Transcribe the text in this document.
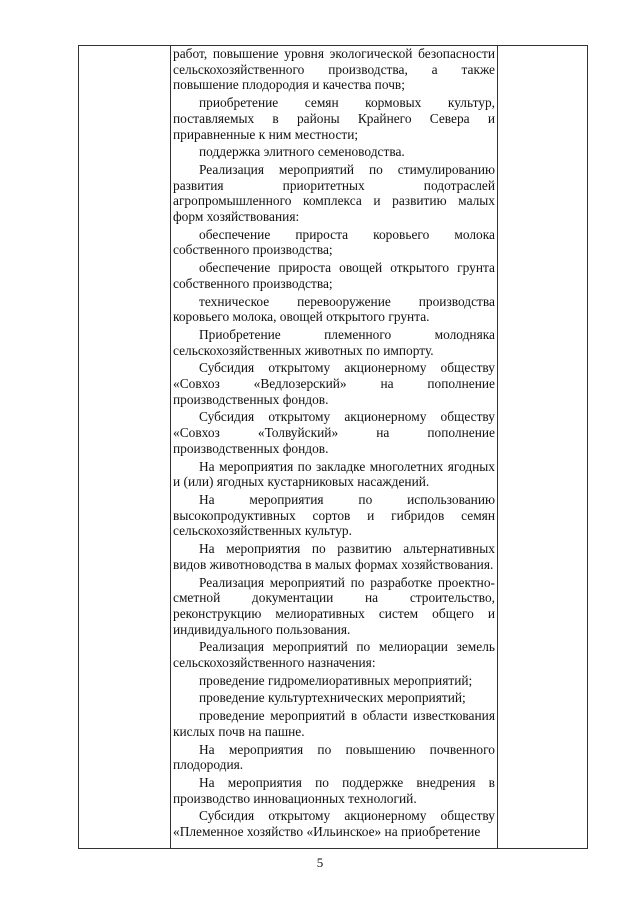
работ, повышение уровня экологической безопасности сельскохозяйственного производства, а также повышение плодородия и качества почв;

приобретение семян кормовых культур, поставляемых в районы Крайнего Севера и приравненные к ним местности;

поддержка элитного семеноводства.

Реализация мероприятий по стимулированию развития приоритетных подотраслей агропромышленного комплекса и развитию малых форм хозяйствования:

обеспечение прироста коровьего молока собственного производства;

обеспечение прироста овощей открытого грунта собственного производства;

техническое перевооружение производства коровьего молока, овощей открытого грунта.

Приобретение племенного молодняка сельскохозяйственных животных по импорту.

Субсидия открытому акционерному обществу «Совхоз «Ведлозерский» на пополнение производственных фондов.

Субсидия открытому акционерному обществу «Совхоз «Толвуйский» на пополнение производственных фондов.

На мероприятия по закладке многолетних ягодных и (или) ягодных кустарниковых насаждений.

На мероприятия по использованию высокопродуктивных сортов и гибридов семян сельскохозяйственных культур.

На мероприятия по развитию альтернативных видов животноводства в малых формах хозяйствования.

Реализация мероприятий по разработке проектно-сметной документации на строительство, реконструкцию мелиоративных систем общего и индивидуального пользования.

Реализация мероприятий по мелиорации земель сельскохозяйственного назначения:

проведение гидромелиоративных мероприятий;

проведение культуртехнических мероприятий;

проведение мероприятий в области известкования кислых почв на пашне.

На мероприятия по повышению почвенного плодородия.

На мероприятия по поддержке внедрения в производство инновационных технологий.

Субсидия открытому акционерному обществу «Племенное хозяйство «Ильинское» на приобретение

5
